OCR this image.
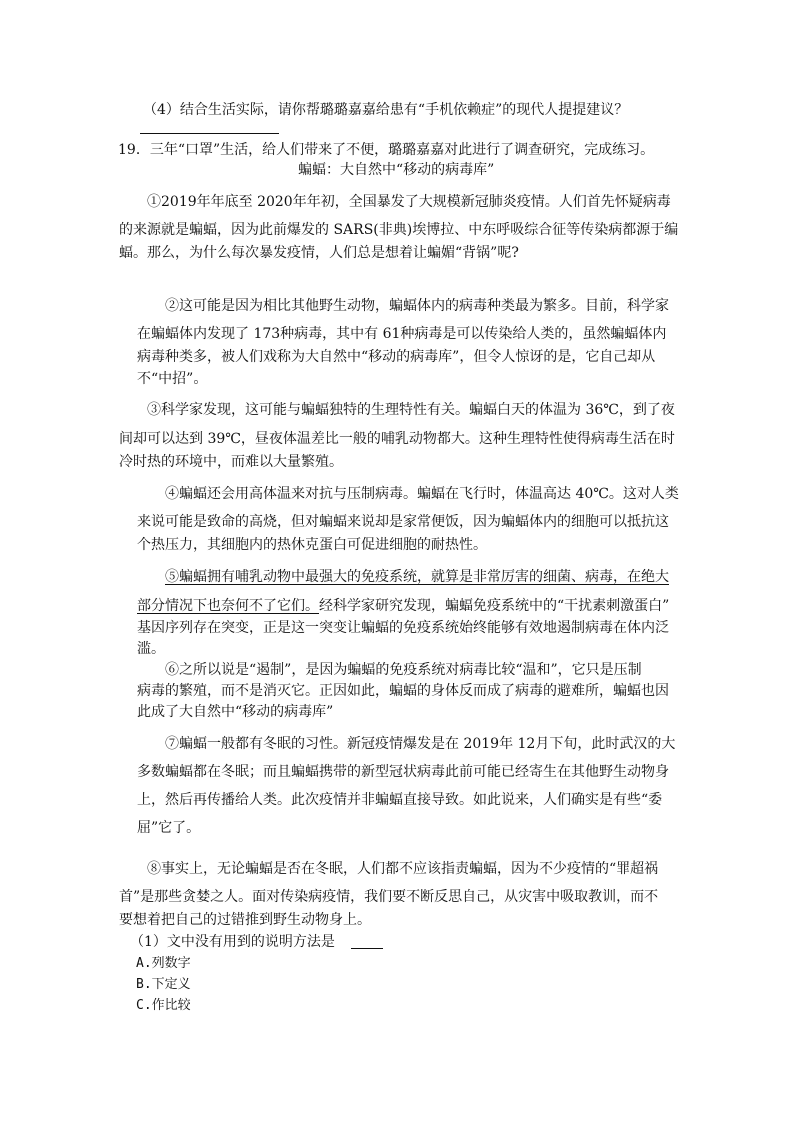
（4）结合生活实际，请你帮璐璐嘉嘉给患有“手机依赖症”的现代人提提建议？
19．三年“口罩”生活，给人们带来了不便，璐璐嘉嘉对此进行了调查研究，完成练习。
蝙蝠：大自然中“移动的病毒库”
①2019年年底至 2020年年初，全国暴发了大规模新冠肺炎疫情。人们首先怀疑病毒
的来源就是蝙蝠，因为此前爆发的 SARS(非典)埃博拉、中东呼吸综合征等传染病都源于编
蝠。那么，为什么每次暴发疫情，人们总是想着让蝙媚“背锅”呢?
②这可能是因为相比其他野生动物，蝙蝠体内的病毒种类最为繁多。目前，科学家
在蝙蝠体内发现了 173种病毒，其中有 61种病毒是可以传染给人类的，虽然蝙蝠体内
病毒种类多，被人们戏称为大自然中“移动的病毒库”，但令人惊讶的是，它自己却从
不“中招”。
③科学家发现，这可能与蝙蝠独特的生理特性有关。蝙蝠白天的体温为 36℃，到了夜
间却可以达到 39℃，昼夜体温差比一般的哺乳动物都大。这种生理特性使得病毒生活在时
冷时热的环境中，而难以大量繁殖。
④蝙蝠还会用高体温来对抗与压制病毒。蝙蝠在飞行时，体温高达 40℃。这对人类
来说可能是致命的高烧，但对蝙蝠来说却是家常便饭，因为蝙蝠体内的细胞可以抵抗这
个热压力，其细胞内的热休克蛋白可促进细胞的耐热性。
⑤蝙蝠拥有哺乳动物中最强大的免疫系统，就算是非常厉害的细菌、病毒，在绝大
部分情况下也奈何不了它们。经科学家研究发现，蝙蝠免疫系统中的“干扰素刺激蛋白”
基因序列存在突变，正是这一突变让蝙蝠的免疫系统始终能够有效地遏制病毒在体内泛
滥。
⑥之所以说是“遏制”，是因为蝙蝠的免疫系统对病毒比较“温和”，它只是压制
病毒的繁殖，而不是消灭它。正因如此，蝙蝠的身体反而成了病毒的避难所，蝙蝠也因
此成了大自然中“移动的病毒库”
⑦蝙蝠一般都有冬眠的习性。新冠疫情爆发是在 2019年 12月下旬，此时武汉的大
多数蝙蝠都在冬眠；而且蝙蝠携带的新型冠状病毒此前可能已经寄生在其他野生动物身
上，然后再传播给人类。此次疫情并非蝙蝠直接导致。如此说来，人们确实是有些“委
屈”它了。
⑧事实上，无论蝙蝠是否在冬眠，人们都不应该指责蝙蝠，因为不少疫情的“罪超祸
首”是那些贪婪之人。面对传染病疫情，我们要不断反思自己，从灾害中吸取教训，而不
要想着把自己的过错推到野生动物身上。
（1）文中没有用到的说明方法是
A.列数字
B.下定义
C.作比较
